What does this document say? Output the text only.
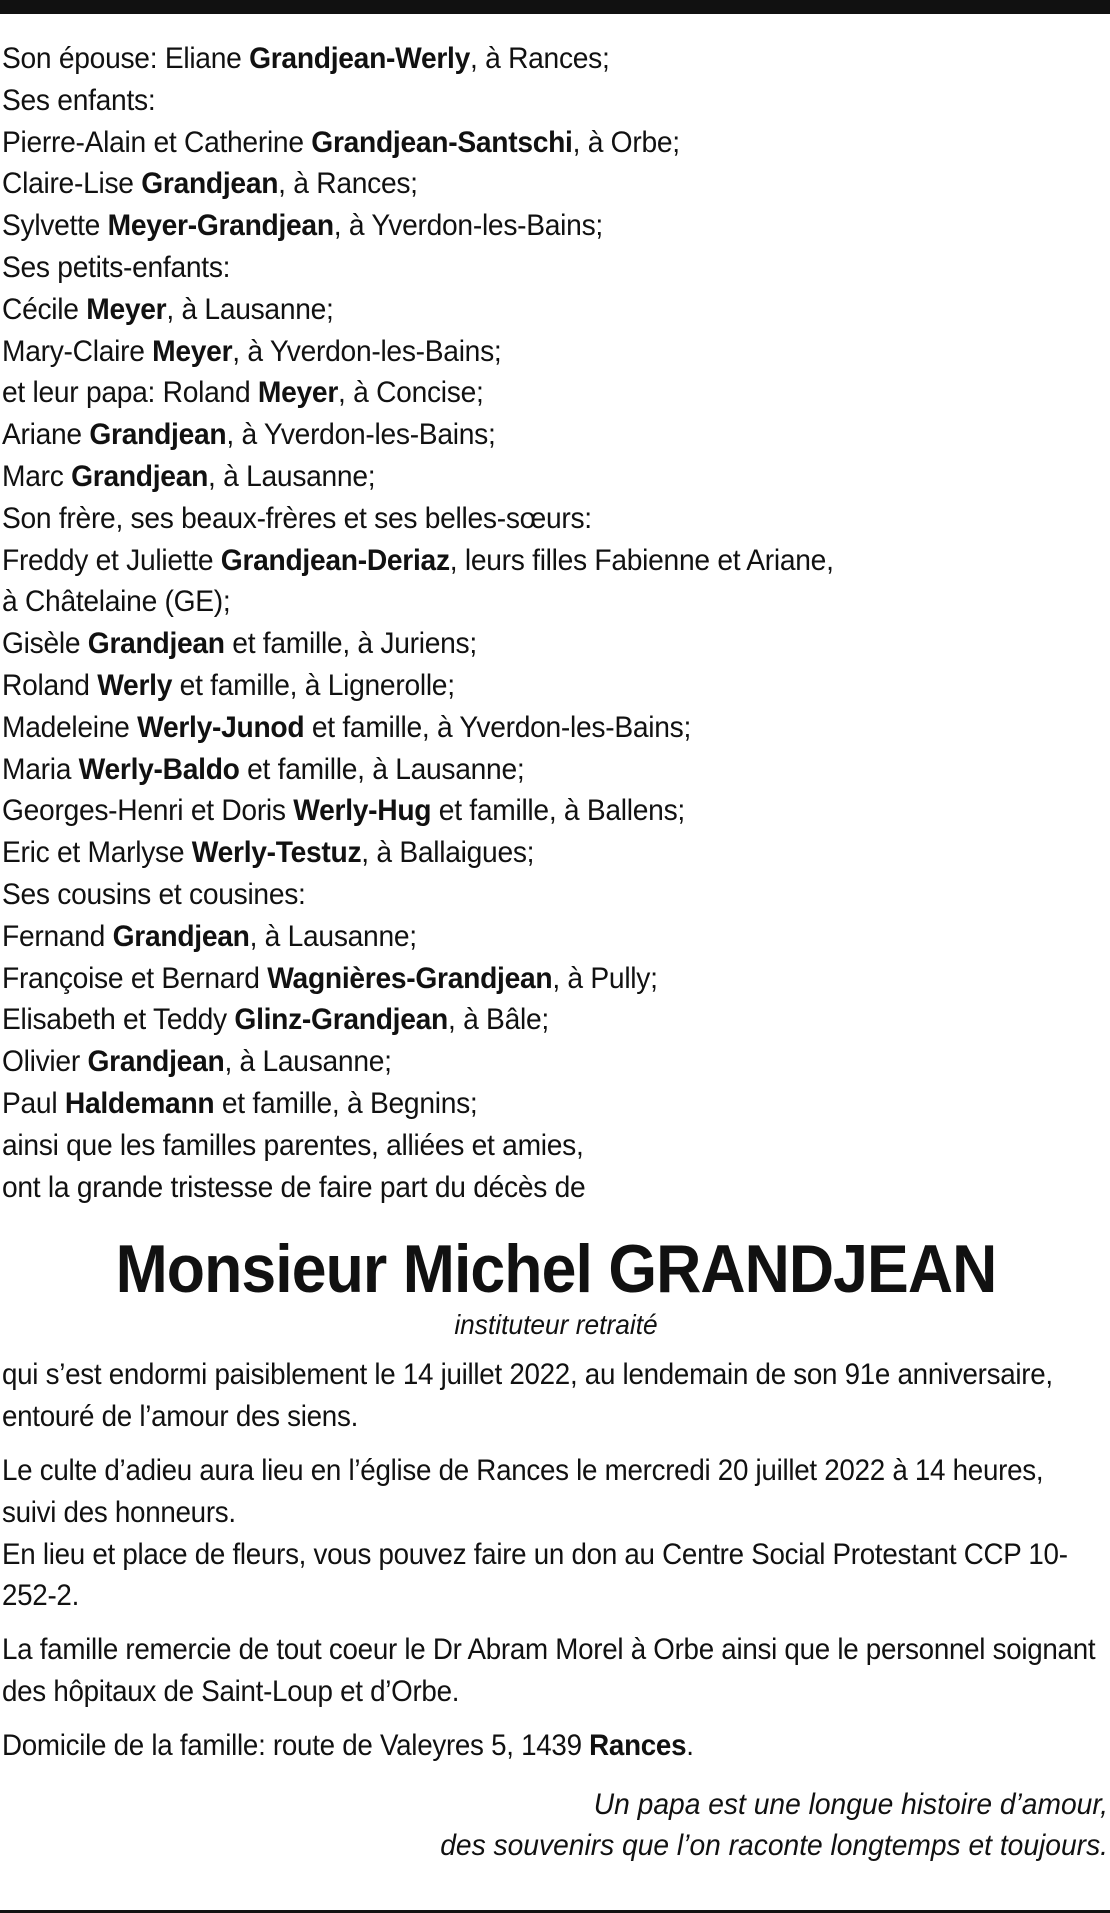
Son épouse: Eliane Grandjean-Werly, à Rances;
Ses enfants:
Pierre-Alain et Catherine Grandjean-Santschi, à Orbe;
Claire-Lise Grandjean, à Rances;
Sylvette Meyer-Grandjean, à Yverdon-les-Bains;
Ses petits-enfants:
Cécile Meyer, à Lausanne;
Mary-Claire Meyer, à Yverdon-les-Bains;
et leur papa: Roland Meyer, à Concise;
Ariane Grandjean, à Yverdon-les-Bains;
Marc Grandjean, à Lausanne;
Son frère, ses beaux-frères et ses belles-sœurs:
Freddy et Juliette Grandjean-Deriaz, leurs filles Fabienne et Ariane,
à Châtelaine (GE);
Gisèle Grandjean et famille, à Juriens;
Roland Werly et famille, à Lignerolle;
Madeleine Werly-Junod et famille, à Yverdon-les-Bains;
Maria Werly-Baldo et famille, à Lausanne;
Georges-Henri et Doris Werly-Hug et famille, à Ballens;
Eric et Marlyse Werly-Testuz, à Ballaigues;
Ses cousins et cousines:
Fernand Grandjean, à Lausanne;
Françoise et Bernard Wagnières-Grandjean, à Pully;
Elisabeth et Teddy Glinz-Grandjean, à Bâle;
Olivier Grandjean, à Lausanne;
Paul Haldemann et famille, à Begnins;
ainsi que les familles parentes, alliées et amies,
ont la grande tristesse de faire part du décès de
Monsieur Michel GRANDJEAN
instituteur retraité
qui s’est endormi paisiblement le 14 juillet 2022, au lendemain de son 91e anniversaire, entouré de l’amour des siens.
Le culte d’adieu aura lieu en l’église de Rances le mercredi 20 juillet 2022 à 14 heures, suivi des honneurs.
En lieu et place de fleurs, vous pouvez faire un don au Centre Social Protestant CCP 10-252-2.
La famille remercie de tout coeur le Dr Abram Morel à Orbe ainsi que le personnel soignant des hôpitaux de Saint-Loup et d’Orbe.
Domicile de la famille: route de Valeyres 5, 1439 Rances.
Un papa est une longue histoire d’amour,
des souvenirs que l’on raconte longtemps et toujours.
